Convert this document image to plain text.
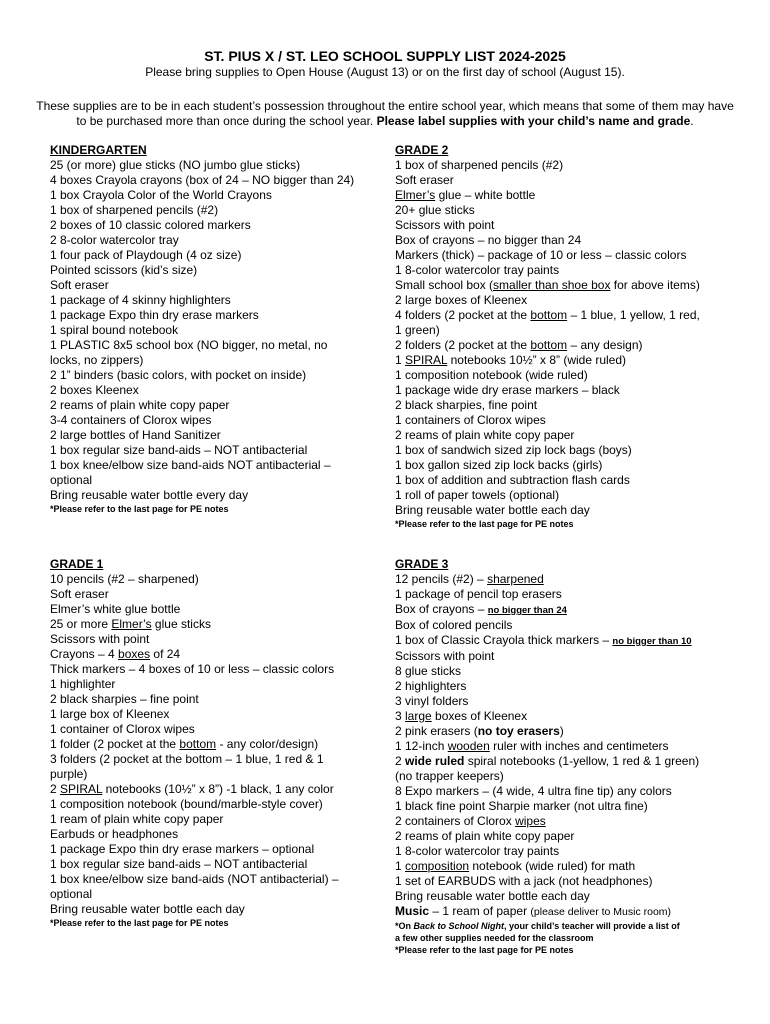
ST. PIUS X / ST. LEO SCHOOL SUPPLY LIST 2024-2025

Please bring supplies to Open House (August 13) or on the first day of school (August 15).

These supplies are to be in each student’s possession throughout the entire school year, which means that some of them may have to be purchased more than once during the school year. Please label supplies with your child’s name and grade.

KINDERGARTEN
25 (or more) glue sticks (NO jumbo glue sticks)
4 boxes Crayola crayons (box of 24 – NO bigger than 24)
1 box Crayola Color of the World Crayons
1 box of sharpened pencils (#2)
2 boxes of 10 classic colored markers
2 8-color watercolor tray
1 four pack of Playdough (4 oz size)
Pointed scissors (kid’s size)
Soft eraser
1 package of 4 skinny highlighters
1 package Expo thin dry erase markers
1 spiral bound notebook
1 PLASTIC 8x5 school box (NO bigger, no metal, no
locks, no zippers)
2 1” binders (basic colors, with pocket on inside)
2 boxes Kleenex
2 reams of plain white copy paper
3-4 containers of Clorox wipes
2 large bottles of Hand Sanitizer
1 box regular size band-aids – NOT antibacterial
1 box knee/elbow size band-aids NOT antibacterial –
optional
Bring reusable water bottle every day
*Please refer to the last page for PE notes
GRADE 2
1 box of sharpened pencils (#2)
Soft eraser
Elmer’s glue – white bottle
20+ glue sticks
Scissors with point
Box of crayons – no bigger than 24
Markers (thick) – package of 10 or less – classic colors
1 8-color watercolor tray paints
Small school box (smaller than shoe box for above items)
2 large boxes of Kleenex
4 folders (2 pocket at the bottom – 1 blue, 1 yellow, 1 red,
1 green)
2 folders (2 pocket at the bottom – any design)
1 SPIRAL notebooks 10½” x 8” (wide ruled)
1 composition notebook (wide ruled)
1 package wide dry erase markers – black
2 black sharpies, fine point
1 containers of Clorox wipes
2 reams of plain white copy paper
1 box of sandwich sized zip lock bags (boys)
1 box gallon sized zip lock backs (girls)
1 box of addition and subtraction flash cards
1 roll of paper towels (optional)
Bring reusable water bottle each day
*Please refer to the last page for PE notes
GRADE 1
10 pencils (#2 – sharpened)
Soft eraser
Elmer’s white glue bottle
25 or more Elmer’s glue sticks
Scissors with point
Crayons – 4 boxes of 24
Thick markers – 4 boxes of 10 or less – classic colors
1 highlighter
2 black sharpies – fine point
1 large box of Kleenex
1 container of Clorox wipes
1 folder (2 pocket at the bottom - any color/design)
3 folders (2 pocket at the bottom – 1 blue, 1 red & 1
purple)
2 SPIRAL notebooks (10½” x 8”) -1 black, 1 any color
1 composition notebook (bound/marble-style cover)
1 ream of plain white copy paper
Earbuds or headphones
1 package Expo thin dry erase markers – optional
1 box regular size band-aids – NOT antibacterial
1 box knee/elbow size band-aids (NOT antibacterial) –
optional
Bring reusable water bottle each day
*Please refer to the last page for PE notes
GRADE 3
12 pencils (#2) – sharpened
1 package of pencil top erasers
Box of crayons – no bigger than 24
Box of colored pencils
1 box of Classic Crayola thick markers – no bigger than 10
Scissors with point
8 glue sticks
2 highlighters
3 vinyl folders
3 large boxes of Kleenex
2 pink erasers (no toy erasers)
1 12-inch wooden ruler with inches and centimeters
2 wide ruled spiral notebooks (1-yellow, 1 red & 1 green)
(no trapper keepers)
8 Expo markers – (4 wide, 4 ultra fine tip) any colors
1 black fine point Sharpie marker (not ultra fine)
2 containers of Clorox wipes
2 reams of plain white copy paper
1 8-color watercolor tray paints
1 composition notebook (wide ruled) for math
1 set of EARBUDS with a jack (not headphones)
Bring reusable water bottle each day
Music – 1 ream of paper (please deliver to Music room)
*On Back to School Night, your child’s teacher will provide a list of
a few other supplies needed for the classroom
*Please refer to the last page for PE notes
